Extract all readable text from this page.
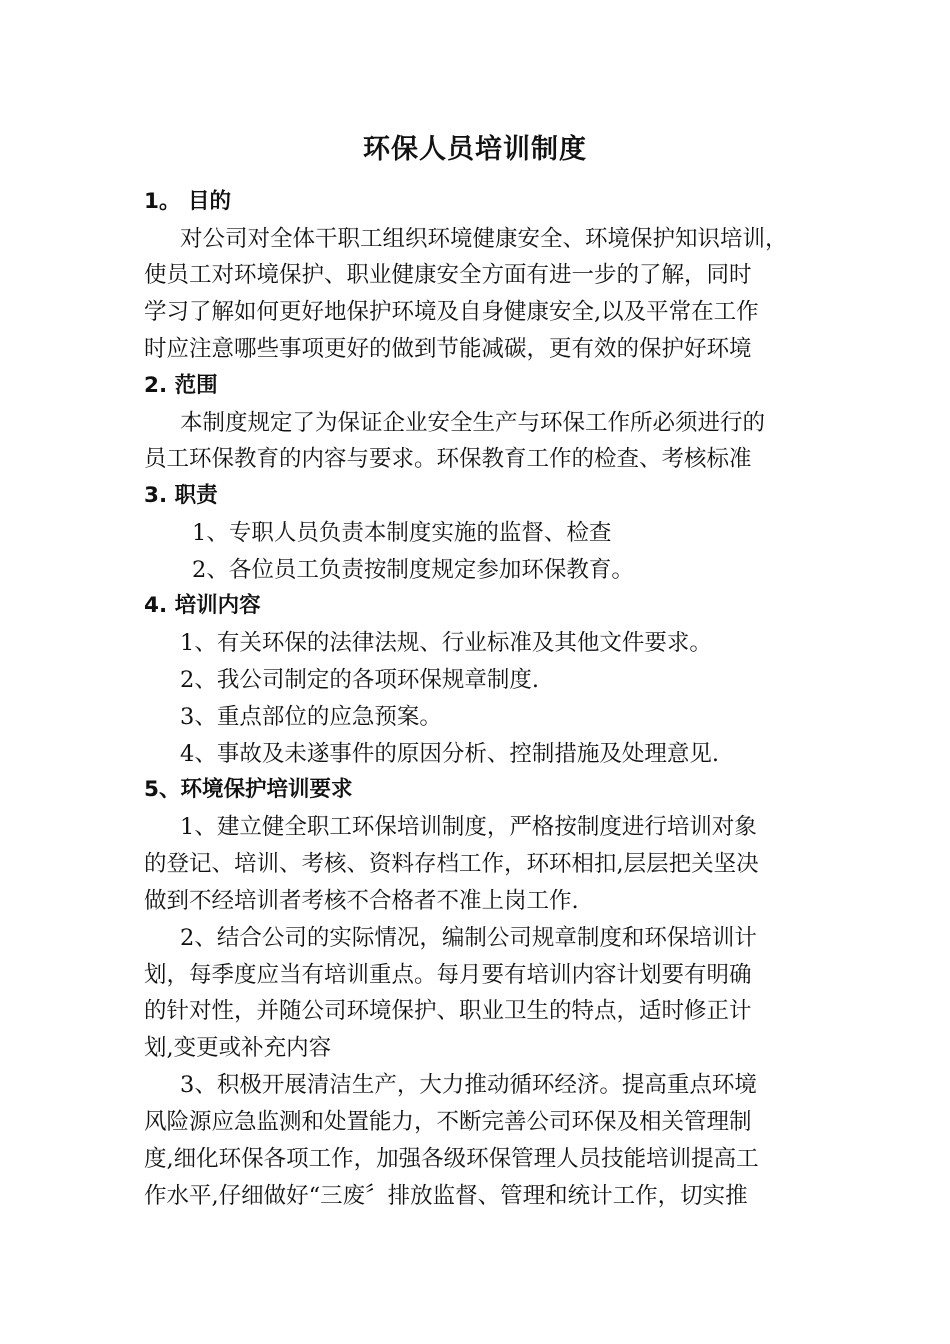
环保人员培训制度
1。 目的
对公司对全体干职工组织环境健康安全、环境保护知识培训，
使员工对环境保护、职业健康安全方面有进一步的了解，同时
学习了解如何更好地保护环境及自身健康安全,以及平常在工作
时应注意哪些事项更好的做到节能减碳，更有效的保护好环境
2. 范围
本制度规定了为保证企业安全生产与环保工作所必须进行的
员工环保教育的内容与要求。环保教育工作的检查、考核标准
3. 职责
1、专职人员负责本制度实施的监督、检查
2、各位员工负责按制度规定参加环保教育。
4. 培训内容
1、有关环保的法律法规、行业标准及其他文件要求。
2、我公司制定的各项环保规章制度.
3、重点部位的应急预案。
4、事故及未遂事件的原因分析、控制措施及处理意见.
5、环境保护培训要求
1、建立健全职工环保培训制度，严格按制度进行培训对象
的登记、培训、考核、资料存档工作，环环相扣,层层把关坚决
做到不经培训者考核不合格者不准上岗工作.
2、结合公司的实际情况，编制公司规章制度和环保培训计
划，每季度应当有培训重点。每月要有培训内容计划要有明确
的针对性，并随公司环境保护、职业卫生的特点，适时修正计
划,变更或补充内容
3、积极开展清洁生产，大力推动循环经济。提高重点环境
风险源应急监测和处置能力，不断完善公司环保及相关管理制
度,细化环保各项工作，加强各级环保管理人员技能培训提高工
作水平,仔细做好“三废〞排放监督、管理和统计工作，切实推
